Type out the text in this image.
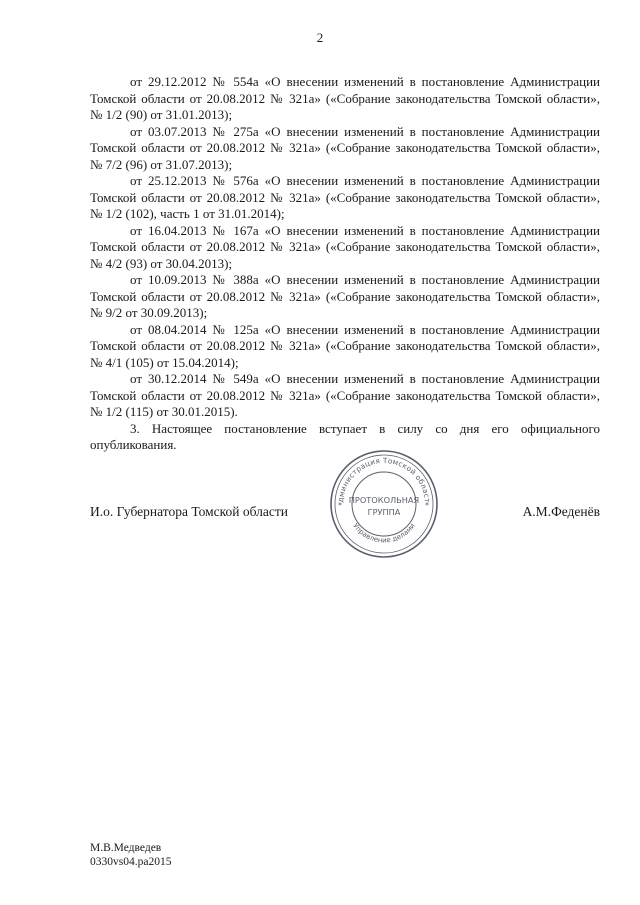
2

от 29.12.2012 № 554а «О внесении изменений в постановление Администрации Томской области от 20.08.2012 № 321а» («Собрание законодательства Томской области», № 1/2 (90) от 31.01.2013);

от 03.07.2013 № 275а «О внесении изменений в постановление Администрации Томской области от 20.08.2012 № 321а» («Собрание законодательства Томской области», № 7/2 (96) от 31.07.2013);

от 25.12.2013 № 576а «О внесении изменений в постановление Администрации Томской области от 20.08.2012 № 321а» («Собрание законодательства Томской области», № 1/2 (102), часть 1 от 31.01.2014);

от 16.04.2013 № 167а «О внесении изменений в постановление Администрации Томской области от 20.08.2012 № 321а» («Собрание законодательства Томской области», № 4/2 (93) от 30.04.2013);

от 10.09.2013 № 388а «О внесении изменений в постановление Администрации Томской области от 20.08.2012 № 321а» («Собрание законодательства Томской области», № 9/2 от 30.09.2013);

от 08.04.2014 № 125а «О внесении изменений в постановление Администрации Томской области от 20.08.2012 № 321а» («Собрание законодательства Томской области», № 4/1 (105) от 15.04.2014);

от 30.12.2014 № 549а «О внесении изменений в постановление Администрации Томской области от 20.08.2012 № 321а» («Собрание законодательства Томской области», № 1/2 (115) от 30.01.2015).

3. Настоящее постановление вступает в силу со дня его официального опубликования.

И.о. Губернатора Томской области	А.М.Феденёв
дминистрация Томской област
Управление делами
ПРОТОКОЛЬНАЯ
ГРУППА
*	*
М.В.Медведев
0330vs04.pa2015
